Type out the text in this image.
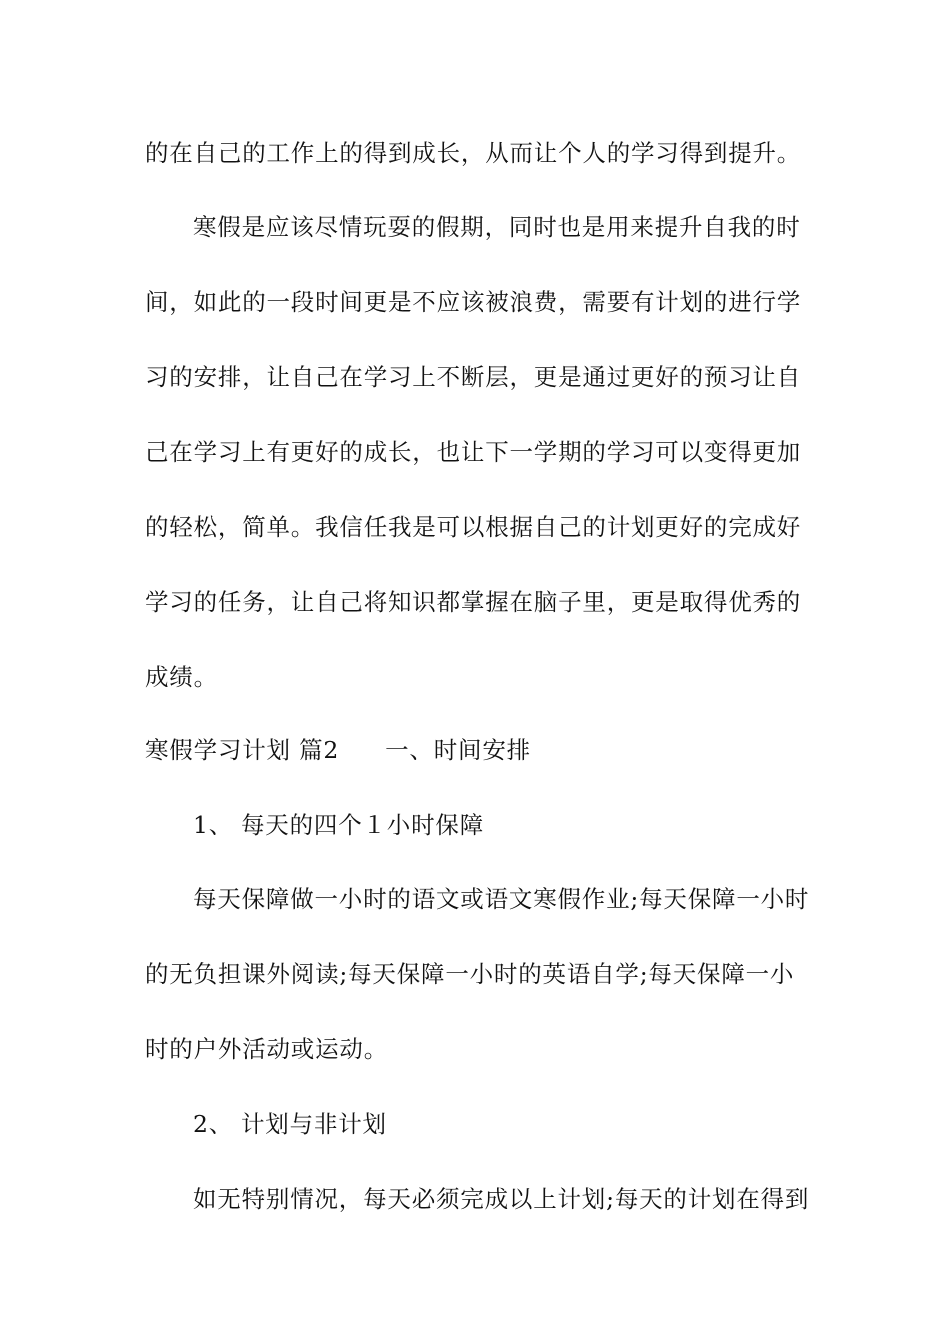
的在自己的工作上的得到成长，从而让个人的学习得到提升。

寒假是应该尽情玩耍的假期，同时也是用来提升自我的时

间，如此的一段时间更是不应该被浪费，需要有计划的进行学

习的安排，让自己在学习上不断层，更是通过更好的预习让自

己在学习上有更好的成长，也让下一学期的学习可以变得更加

的轻松，简单。我信任我是可以根据自己的计划更好的完成好

学习的任务，让自己将知识都掌握在脑子里，更是取得优秀的

成绩。

寒假学习计划 篇2 一、时间安排

1、 每天的四个１小时保障

每天保障做一小时的语文或语文寒假作业;每天保障一小时

的无负担课外阅读;每天保障一小时的英语自学;每天保障一小

时的户外活动或运动。

2、 计划与非计划

如无特别情况，每天必须完成以上计划;每天的计划在得到
